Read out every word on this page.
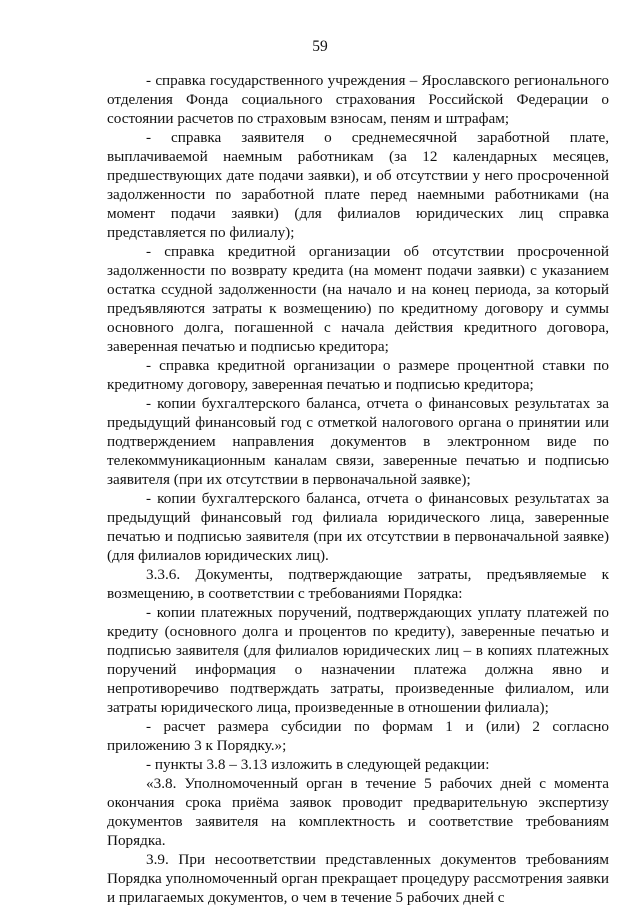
59

- справка государственного учреждения – Ярославского регионального отделения Фонда социального страхования Российской Федерации о состоянии расчетов по страховым взносам, пеням и штрафам;

- справка заявителя о среднемесячной заработной плате, выплачиваемой наемным работникам (за 12 календарных месяцев, предшествующих дате подачи заявки), и об отсутствии у него просроченной задолженности по заработной плате перед наемными работниками (на момент подачи заявки) (для филиалов юридических лиц справка представляется по филиалу);

- справка кредитной организации об отсутствии просроченной задолженности по возврату кредита (на момент подачи заявки) с указанием остатка ссудной задолженности (на начало и на конец периода, за который предъявляются затраты к возмещению) по кредитному договору и суммы основного долга, погашенной с начала действия кредитного договора, заверенная печатью и подписью кредитора;

- справка кредитной организации о размере процентной ставки по кредитному договору, заверенная печатью и подписью кредитора;

- копии бухгалтерского баланса, отчета о финансовых результатах за предыдущий финансовый год с отметкой налогового органа о принятии или подтверждением направления документов в электронном виде по телекоммуникационным каналам связи, заверенные печатью и подписью заявителя (при их отсутствии в первоначальной заявке);

- копии бухгалтерского баланса, отчета о финансовых результатах за предыдущий финансовый год филиала юридического лица, заверенные печатью и подписью заявителя (при их отсутствии в первоначальной заявке) (для филиалов юридических лиц).

3.3.6. Документы, подтверждающие затраты, предъявляемые к возмещению, в соответствии с требованиями Порядка:

- копии платежных поручений, подтверждающих уплату платежей по кредиту (основного долга и процентов по кредиту), заверенные печатью и подписью заявителя (для филиалов юридических лиц – в копиях платежных поручений информация о назначении платежа должна явно и непротиворечиво подтверждать затраты, произведенные филиалом, или затраты юридического лица, произведенные в отношении филиала);

- расчет размера субсидии по формам 1 и (или) 2 согласно приложению 3 к Порядку.»;

- пункты 3.8 – 3.13 изложить в следующей редакции:

«3.8. Уполномоченный орган в течение 5 рабочих дней с момента окончания срока приёма заявок проводит предварительную экспертизу документов заявителя на комплектность и соответствие требованиям Порядка.

3.9. При несоответствии представленных документов требованиям Порядка уполномоченный орган прекращает процедуру рассмотрения заявки и прилагаемых документов, о чем в течение 5 рабочих дней с
